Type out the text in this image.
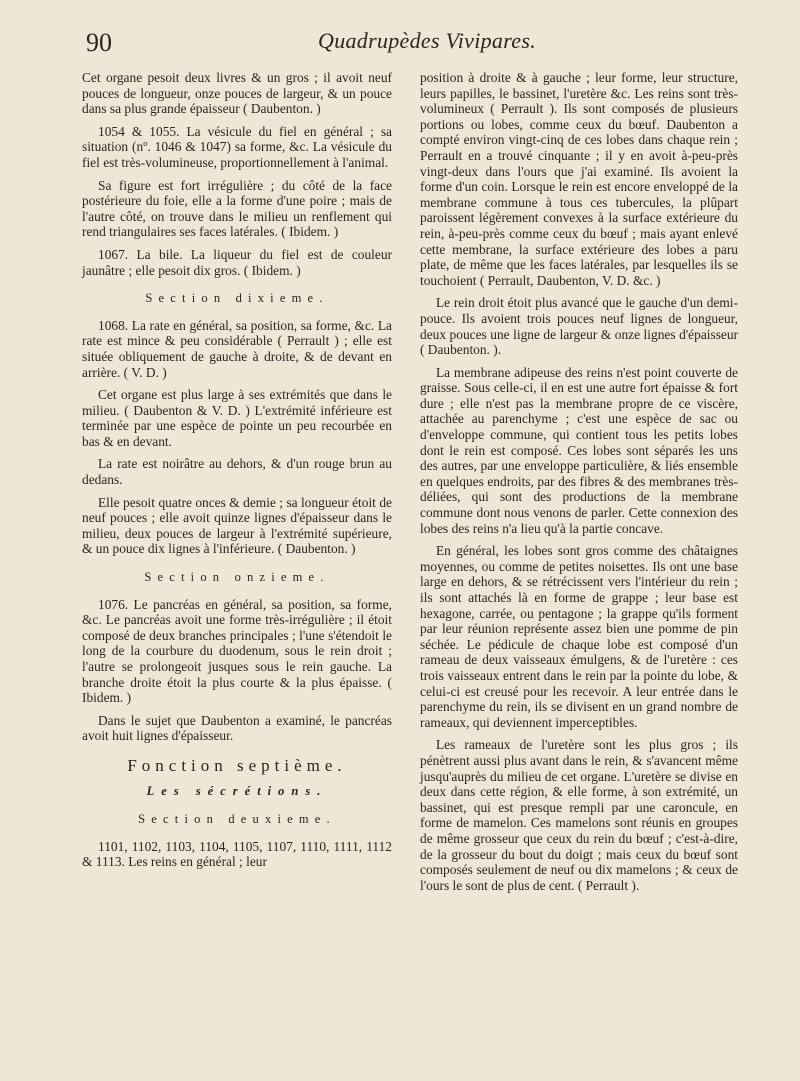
90	Quadrupèdes Vivipares.

Cet organe pesoit deux livres & un gros ; il avoit neuf pouces de longueur, onze pouces de largeur, & un pouce dans sa plus grande épaisseur ( Daubenton. )

1054 & 1055. La vésicule du fiel en général ; sa situation (nº. 1046 & 1047) sa forme, &c. La vésicule du fiel est très-volumineuse, proportionnellement à l'animal.

Sa figure est fort irrégulière ; du côté de la face postérieure du foie, elle a la forme d'une poire ; mais de l'autre côté, on trouve dans le milieu un renflement qui rend triangulaires ses faces latérales. ( Ibidem. )

1067. La bile. La liqueur du fiel est de couleur jaunâtre ; elle pesoit dix gros. ( Ibidem. )

Section dixieme.

1068. La rate en général, sa position, sa forme, &c. La rate est mince & peu considérable ( Perrault ) ; elle est située obliquement de gauche à droite, & de devant en arrière. ( V. D. )

Cet organe est plus large à ses extrémités que dans le milieu. ( Daubenton & V. D. ) L'extrémité inférieure est terminée par une espèce de pointe un peu recourbée en bas & en devant.

La rate est noirâtre au dehors, & d'un rouge brun au dedans.

Elle pesoit quatre onces & demie ; sa longueur étoit de neuf pouces ; elle avoit quinze lignes d'épaisseur dans le milieu, deux pouces de largeur à l'extrémité supérieure, & un pouce dix lignes à l'inférieure. ( Daubenton. )

Section onzieme.

1076. Le pancréas en général, sa position, sa forme, &c. Le pancréas avoit une forme très-irrégulière ; il étoit composé de deux branches principales ; l'une s'étendoit le long de la courbure du duodenum, sous le rein droit ; l'autre se prolongeoit jusques sous le rein gauche. La branche droite étoit la plus courte & la plus épaisse. ( Ibidem. )

Dans le sujet que Daubenton a examiné, le pancréas avoit huit lignes d'épaisseur.

Fonction septième.
Les sécrétions.
Section deuxieme.

1101, 1102, 1103, 1104, 1105, 1107, 1110, 1111, 1112 & 1113. Les reins en général ; leur

position à droite & à gauche ; leur forme, leur structure, leurs papilles, le bassinet, l'uretère &c. Les reins sont très-volumineux ( Perrault ). Ils sont composés de plusieurs portions ou lobes, comme ceux du bœuf. Daubenton a compté environ vingt-cinq de ces lobes dans chaque rein ; Perrault en a trouvé cinquante ; il y en avoit à-peu-près vingt-deux dans l'ours que j'ai examiné. Ils avoient la forme d'un coin. Lorsque le rein est encore enveloppé de la membrane commune à tous ces tubercules, la plûpart paroissent légèrement convexes à la surface extérieure du rein, à-peu-près comme ceux du bœuf ; mais ayant enlevé cette membrane, la surface extérieure des lobes a paru plate, de même que les faces latérales, par lesquelles ils se touchoient ( Perrault, Daubenton, V. D. &c. )

Le rein droit étoit plus avancé que le gauche d'un demi-pouce. Ils avoient trois pouces neuf lignes de longueur, deux pouces une ligne de largeur & onze lignes d'épaisseur ( Daubenton. ).

La membrane adipeuse des reins n'est point couverte de graisse. Sous celle-ci, il en est une autre fort épaisse & fort dure ; elle n'est pas la membrane propre de ce viscère, attachée au parenchyme ; c'est une espèce de sac ou d'enveloppe commune, qui contient tous les petits lobes dont le rein est composé. Ces lobes sont séparés les uns des autres, par une enveloppe particulière, & liés ensemble en quelques endroits, par des fibres & des membranes très-déliées, qui sont des productions de la membrane commune dont nous venons de parler. Cette connexion des lobes des reins n'a lieu qu'à la partie concave.

En général, les lobes sont gros comme des châtaignes moyennes, ou comme de petites noisettes. Ils ont une base large en dehors, & se rétrécissent vers l'intérieur du rein ; ils sont attachés là en forme de grappe ; leur base est hexagone, carrée, ou pentagone ; la grappe qu'ils forment par leur réunion représente assez bien une pomme de pin séchée. Le pédicule de chaque lobe est composé d'un rameau de deux vaisseaux émulgens, & de l'uretère : ces trois vaisseaux entrent dans le rein par la pointe du lobe, & celui-ci est creusé pour les recevoir. A leur entrée dans le parenchyme du rein, ils se divisent en un grand nombre de rameaux, qui deviennent imperceptibles.

Les rameaux de l'uretère sont les plus gros ; ils pénètrent aussi plus avant dans le rein, & s'avancent même jusqu'auprès du milieu de cet organe. L'uretère se divise en deux dans cette région, & elle forme, à son extrémité, un bassinet, qui est presque rempli par une caroncule, en forme de mamelon. Ces mamelons sont réunis en groupes de même grosseur que ceux du rein du bœuf ; c'est-à-dire, de la grosseur du bout du doigt ; mais ceux du bœuf sont composés seulement de neuf ou dix mamelons ; & ceux de l'ours le sont de plus de cent. ( Perrault ).
